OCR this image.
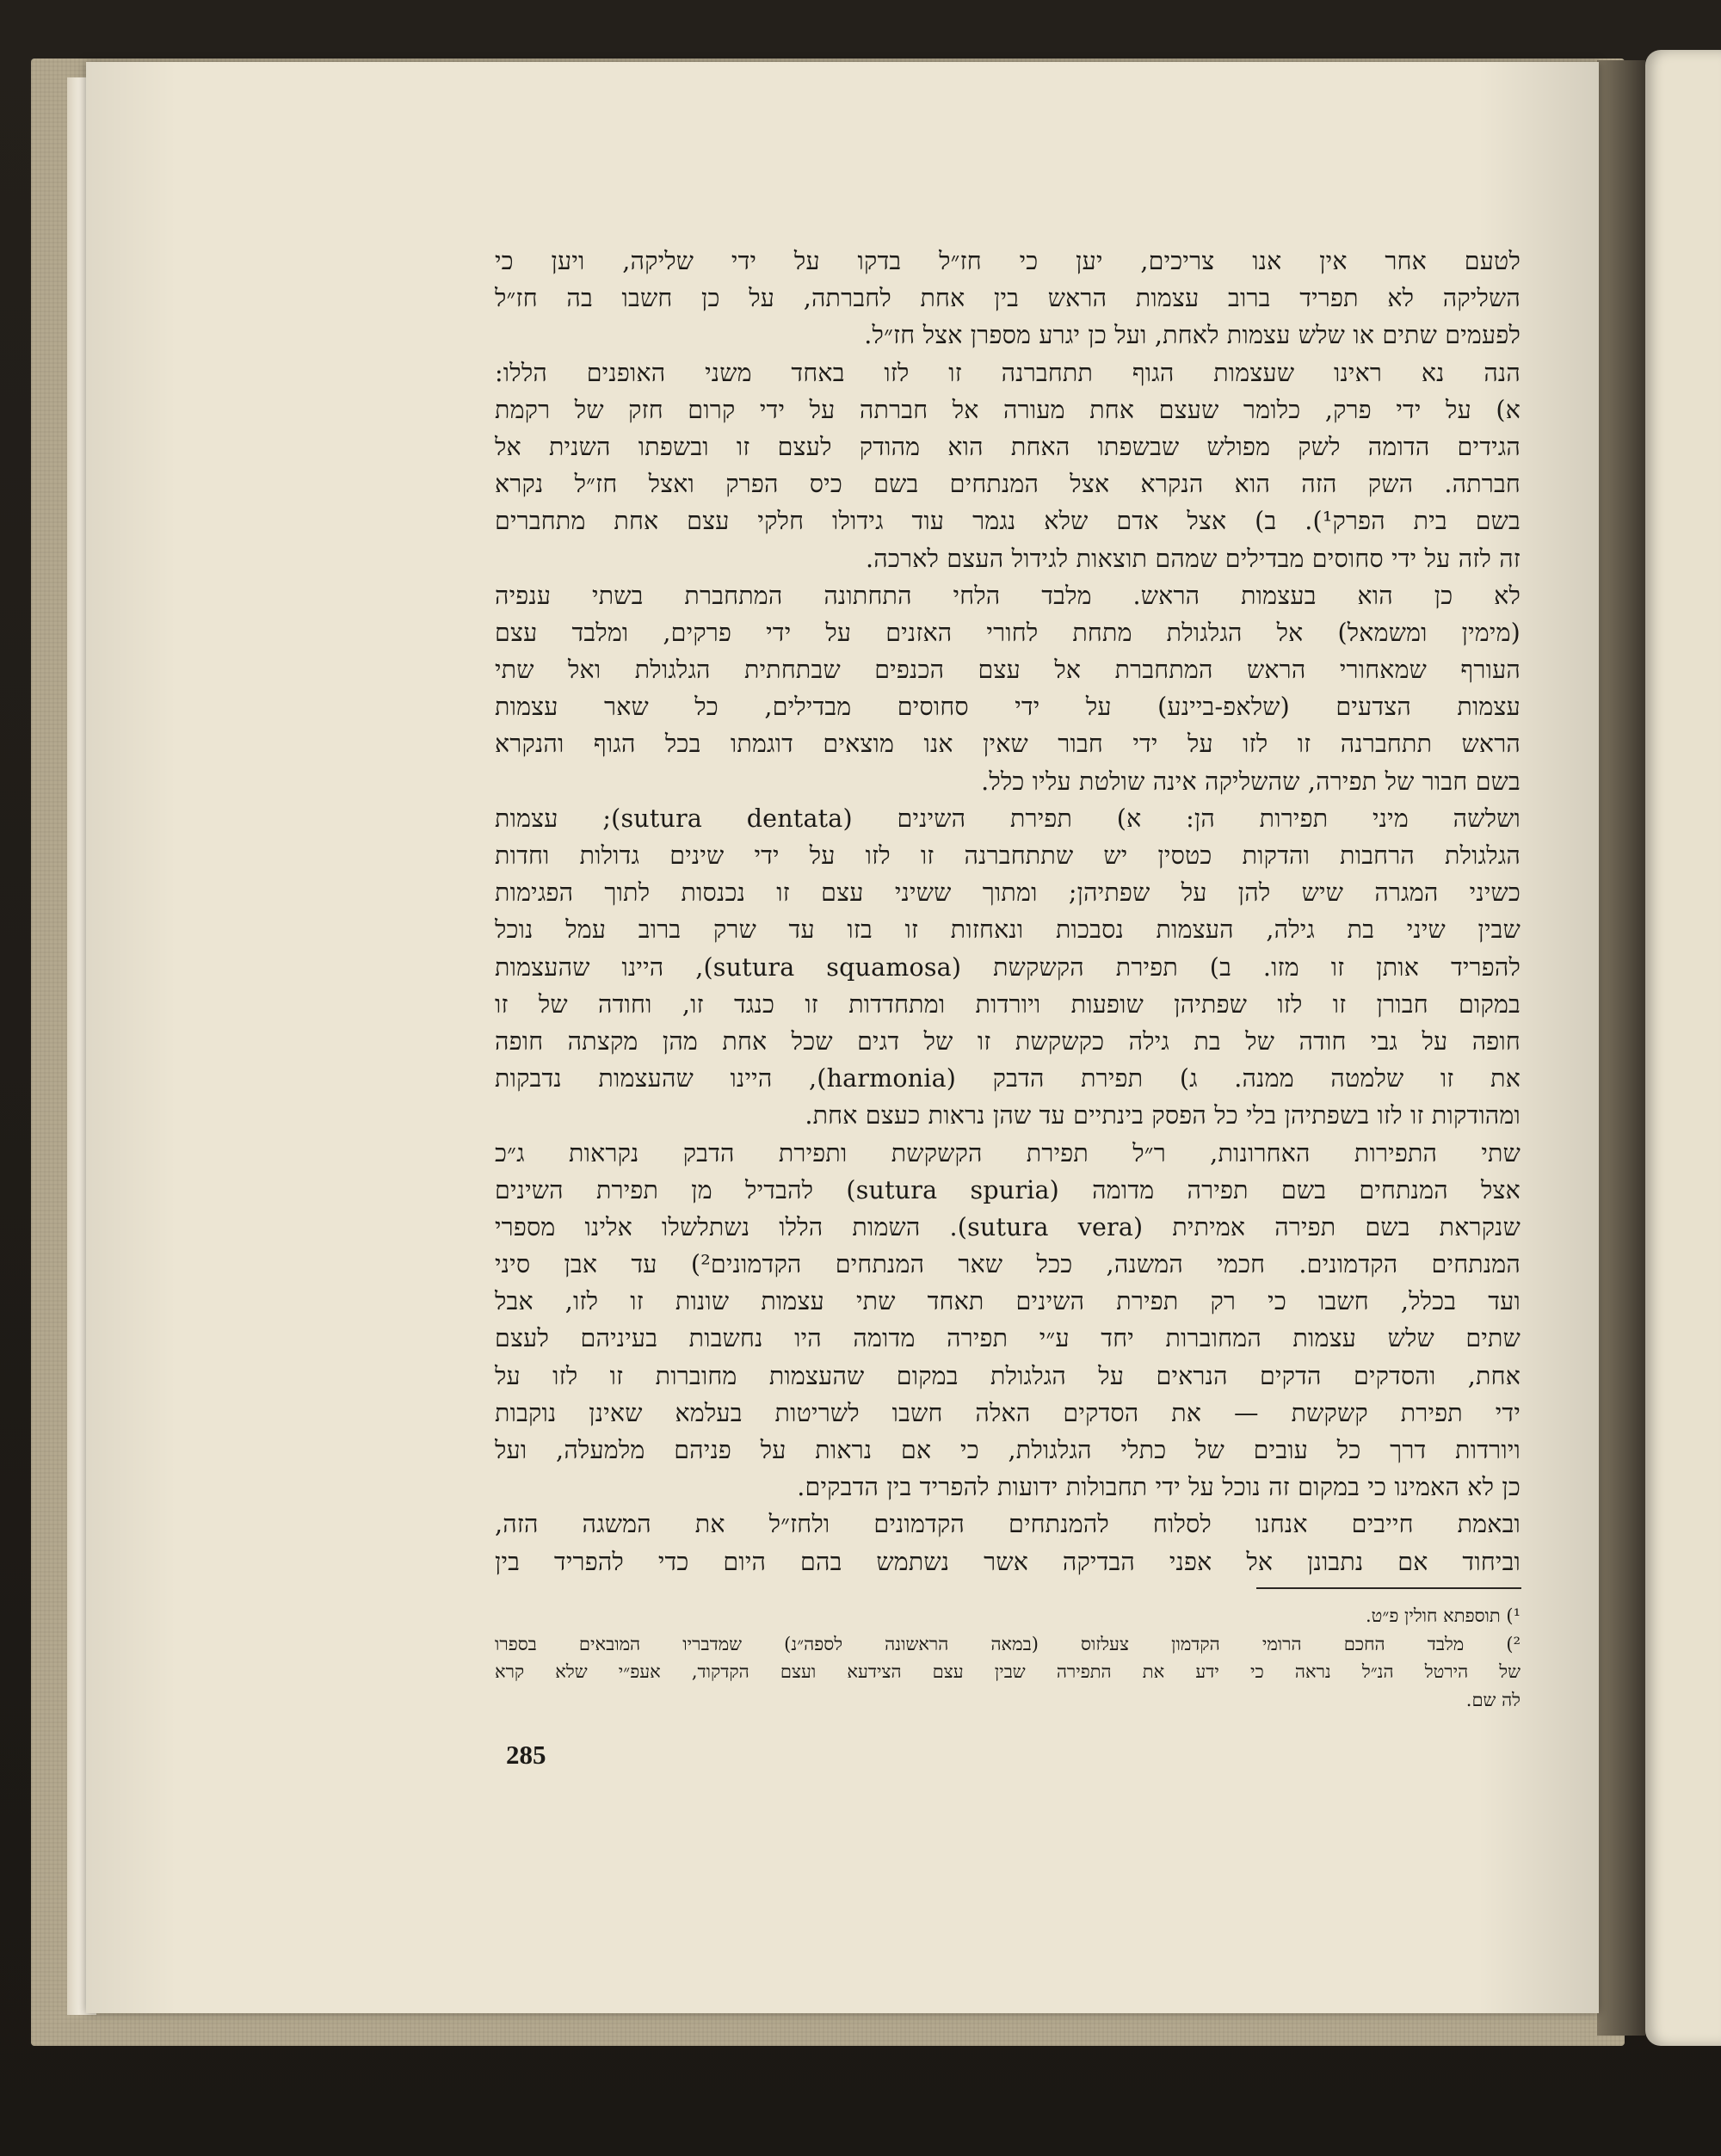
לטעם אחר אין אנו צריכים, יען כי חז״ל בדקו על ידי שליקה, ויען כי
השליקה לא תפריד ברוב עצמות הראש בין אחת לחברתה, על כן חשבו בה חז״ל
לפעמים שתים או שלש עצמות לאחת, ועל כן יגרע מספרן אצל חז״ל.
הנה נא ראינו שעצמות הגוף תתחברנה זו לזו באחד משני האופנים הללו:
א) על ידי פרק, כלומר שעצם אחת מעורה אל חברתה על ידי קרום חזק של רקמת
הגידים הדומה לשק מפולש שבשפתו האחת הוא מהודק לעצם זו ובשפתו השנית אל
חברתה. השק הזה הוא הנקרא אצל המנתחים בשם כיס הפרק ואצל חז״ל נקרא
בשם בית הפרק¹). ב) אצל אדם שלא נגמר עוד גידולו חלקי עצם אחת מתחברים
זה לזה על ידי סחוסים מבדילים שמהם תוצאות לגידול העצם לארכה.
לא כן הוא בעצמות הראש. מלבד הלחי התחתונה המתחברת בשתי ענפיה
(מימין ומשמאל) אל הגלגולת מתחת לחורי האזנים על ידי פרקים, ומלבד עצם
העורף שמאחורי הראש המתחברת אל עצם הכנפים שבתחתית הגלגולת ואל שתי
עצמות הצדעים (שלאפ-ביינע) על ידי סחוסים מבדילים, כל שאר עצמות
הראש תתחברנה זו לזו על ידי חבור שאין אנו מוצאים דוגמתו בכל הגוף והנקרא
בשם חבור של תפירה, שהשליקה אינה שולטת עליו כלל.
ושלשה מיני תפירות הן: א) תפירת השינים (sutura dentata); עצמות
הגלגולת הרחבות והדקות כטסין יש שתתחברנה זו לזו על ידי שינים גדולות וחדות
כשיני המגרה שיש להן על שפתיהן; ומתוך ששיני עצם זו נכנסות לתוך הפגימות
שבין שיני בת גילה, העצמות נסבכות ונאחזות זו בזו עד שרק ברוב עמל נוכל
להפריד אותן זו מזו. ב) תפירת הקשקשת (sutura squamosa), היינו שהעצמות
במקום חבורן זו לזו שפתיהן שופעות ויורדות ומתחדדות זו כנגד זו, וחודה של זו
חופה על גבי חודה של בת גילה כקשקשת זו של דגים שכל אחת מהן מקצתה חופה
את זו שלמטה ממנה. ג) תפירת הדבק (harmonia), היינו שהעצמות נדבקות
ומהודקות זו לזו בשפתיהן בלי כל הפסק בינתיים עד שהן נראות כעצם אחת.
שתי התפירות האחרונות, ר״ל תפירת הקשקשת ותפירת הדבק נקראות ג״כ
אצל המנתחים בשם תפירה מדומה (sutura spuria) להבדיל מן תפירת השינים
שנקראת בשם תפירה אמיתית (sutura vera). השמות הללו נשתלשלו אלינו מספרי
המנתחים הקדמונים. חכמי המשנה, ככל שאר המנתחים הקדמונים²) עד אבן סיני
ועד בכלל, חשבו כי רק תפירת השינים תאחד שתי עצמות שונות זו לזו, אבל
שתים שלש עצמות המחוברות יחד ע״י תפירה מדומה היו נחשבות בעיניהם לעצם
אחת, והסדקים הדקים הנראים על הגלגולת במקום שהעצמות מחוברות זו לזו על
ידי תפירת קשקשת — את הסדקים האלה חשבו לשריטות בעלמא שאינן נוקבות
ויורדות דרך כל עובים של כתלי הגלגולת, כי אם נראות על פניהם מלמעלה, ועל
כן לא האמינו כי במקום זה נוכל על ידי תחבולות ידועות להפריד בין הדבקים.
ובאמת חייבים אנחנו לסלוח להמנתחים הקדמונים ולחז״ל את המשגה הזה,
וביחוד אם נתבונן אל אפני הבדיקה אשר נשתמש בהם היום כדי להפריד בין
¹) תוספתא חולין פ״ט.
²) מלבד החכם הרומי הקדמון צעלזוס (במאה הראשונה לספה״נ) שמדבריו המובאים בספרו
של הירטל הנ״ל נראה כי ידע את התפירה שבין עצם הצידעא ועצם הקדקוד, אעפ״י שלא קרא
לה שם.
285
